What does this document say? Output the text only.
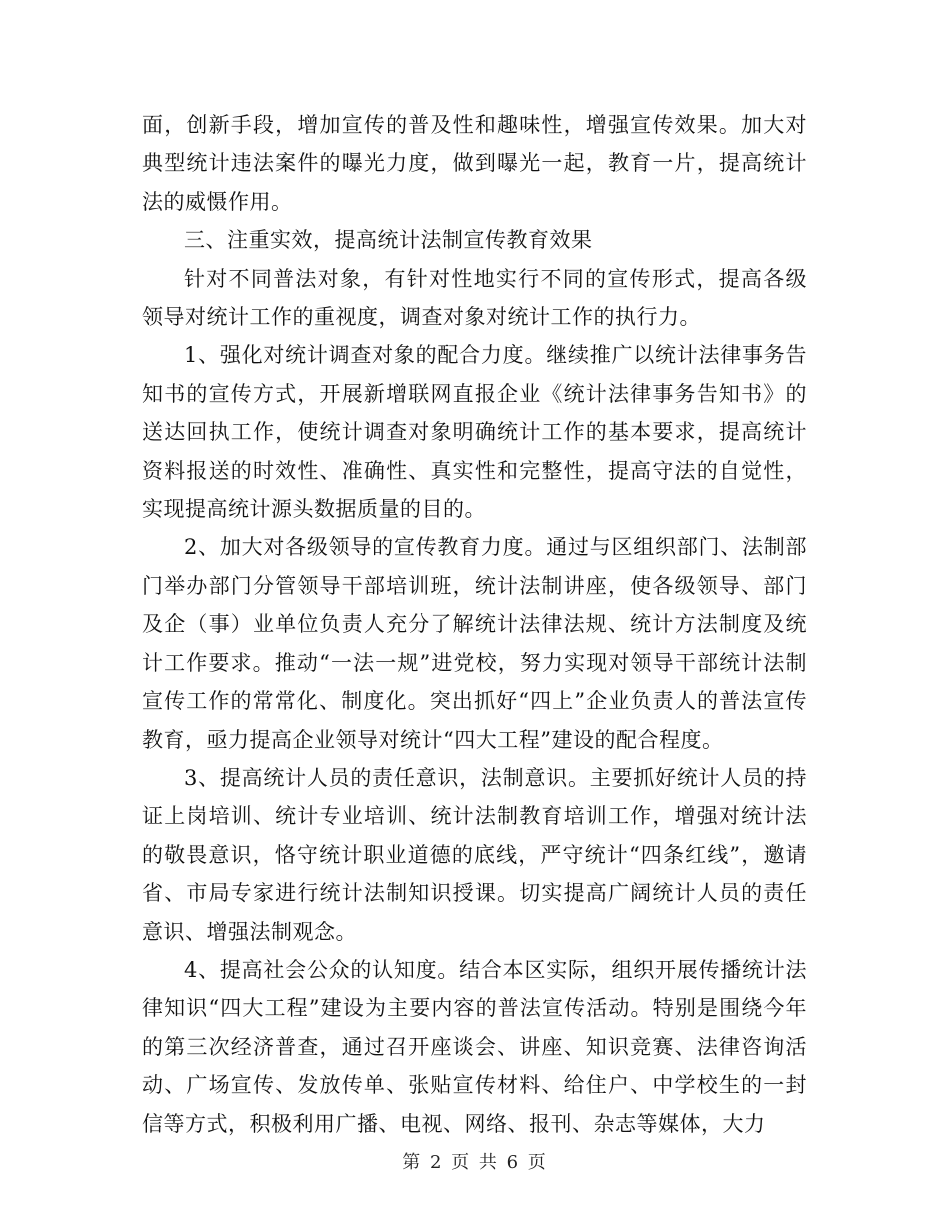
面，创新手段，增加宣传的普及性和趣味性，增强宣传效果。加大对典型统计违法案件的曝光力度，做到曝光一起，教育一片，提高统计法的威慑作用。

三、注重实效，提高统计法制宣传教育效果

针对不同普法对象，有针对性地实行不同的宣传形式，提高各级领导对统计工作的重视度，调查对象对统计工作的执行力。

1、强化对统计调查对象的配合力度。继续推广以统计法律事务告知书的宣传方式，开展新增联网直报企业《统计法律事务告知书》的送达回执工作，使统计调查对象明确统计工作的基本要求，提高统计资料报送的时效性、准确性、真实性和完整性，提高守法的自觉性，实现提高统计源头数据质量的目的。

2、加大对各级领导的宣传教育力度。通过与区组织部门、法制部门举办部门分管领导干部培训班，统计法制讲座，使各级领导、部门及企（事）业单位负责人充分了解统计法律法规、统计方法制度及统计工作要求。推动“一法一规”进党校，努力实现对领导干部统计法制宣传工作的常常化、制度化。突出抓好“四上”企业负责人的普法宣传教育，亟力提高企业领导对统计“四大工程”建设的配合程度。

3、提高统计人员的责任意识，法制意识。主要抓好统计人员的持证上岗培训、统计专业培训、统计法制教育培训工作，增强对统计法的敬畏意识，恪守统计职业道德的底线，严守统计“四条红线”，邀请省、市局专家进行统计法制知识授课。切实提高广阔统计人员的责任意识、增强法制观念。

4、提高社会公众的认知度。结合本区实际，组织开展传播统计法律知识“四大工程”建设为主要内容的普法宣传活动。特别是围绕今年的第三次经济普查，通过召开座谈会、讲座、知识竞赛、法律咨询活动、广场宣传、发放传单、张贴宣传材料、给住户、中学校生的一封信等方式，积极利用广播、电视、网络、报刊、杂志等媒体，大力

第 2 页 共 6 页
